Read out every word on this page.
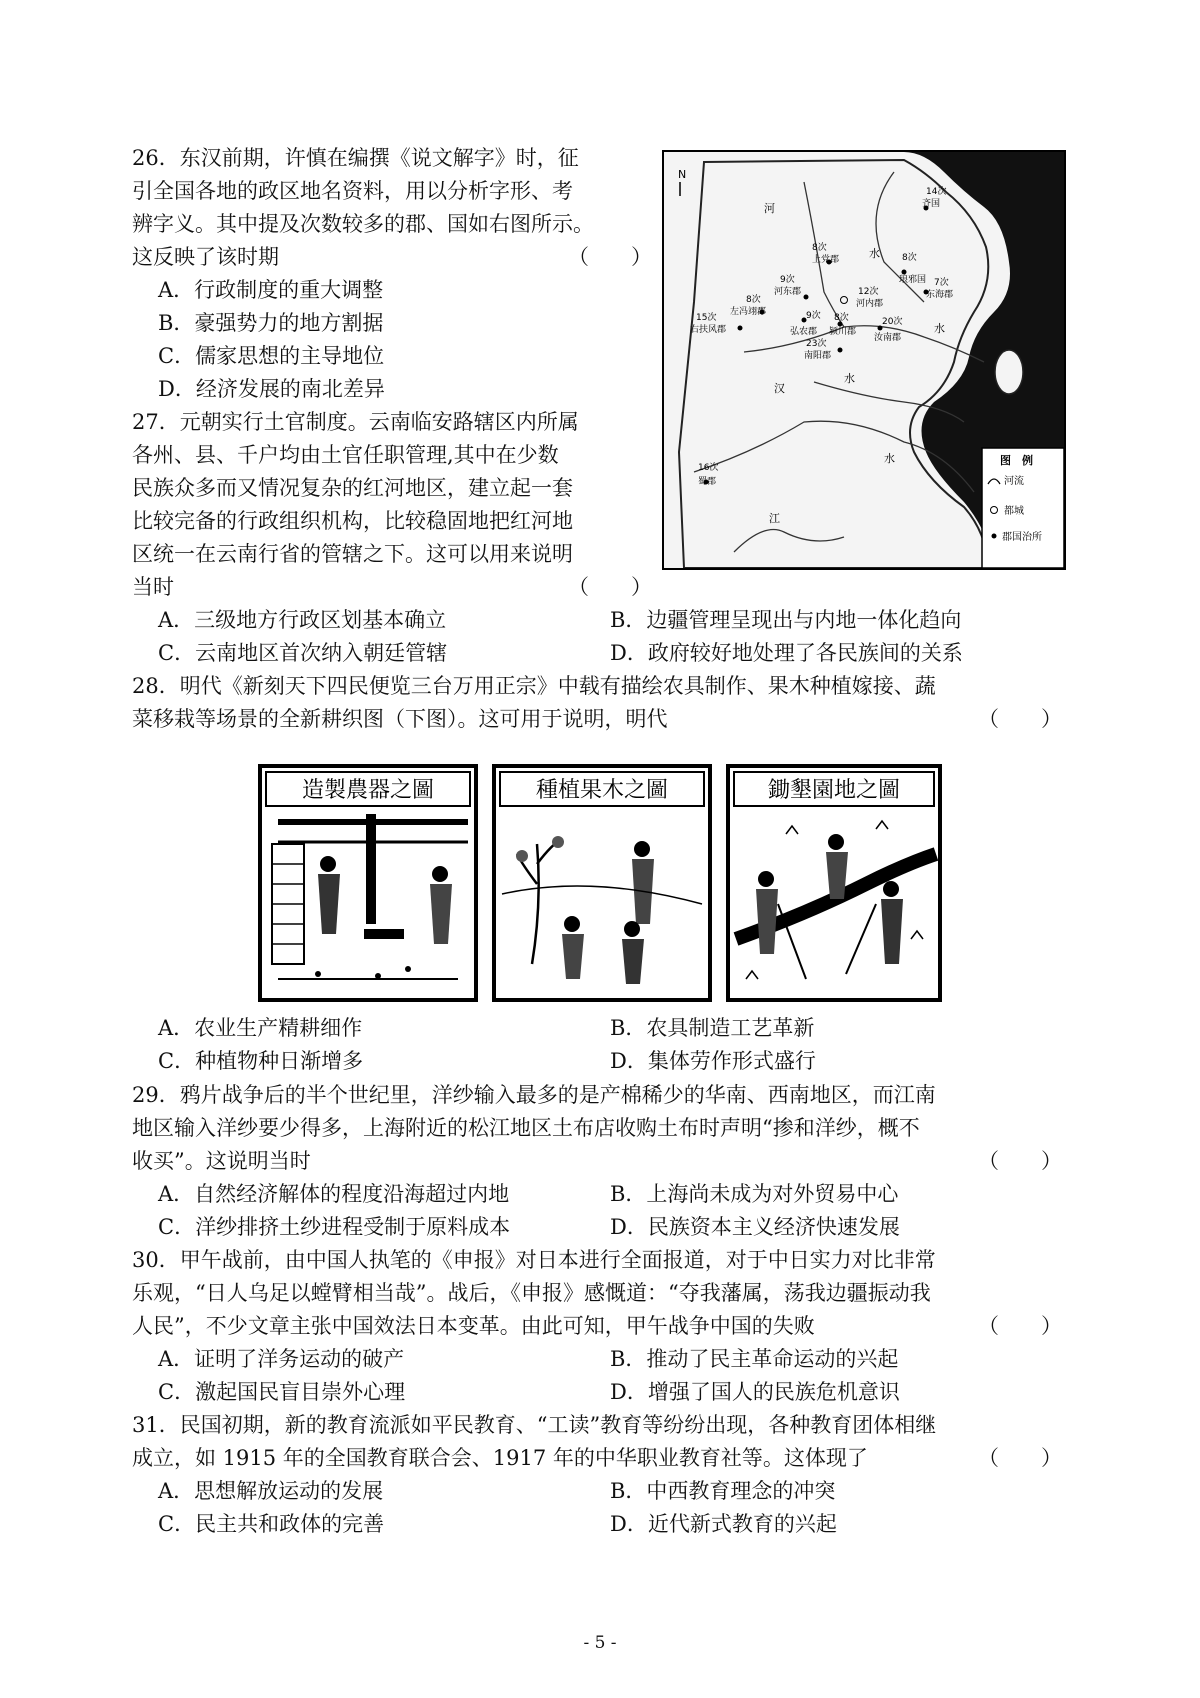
26．东汉前期，许慎在编撰《说文解字》时，征
引全国各地的政区地名资料，用以分析字形、考
辨字义。其中提及次数较多的郡、国如右图所示。
这反映了该时期	（　　）
A．行政制度的重大调整
B．豪强势力的地方割据
C．儒家思想的主导地位
D．经济发展的南北差异
N
河
水
水
汉
水
江
水
14次
齐国
8次
琅邪国 7次
东海郡
8次
上党郡
9次
河东郡	12次
河内郡
8次
左冯翊郡
15次
右扶风郡
9次
弘农郡
8次
颍川郡
20次
汝南郡
23次
南阳郡
16次
蜀郡
图　例
河流
都城
郡国治所
27．元朝实行土官制度。云南临安路辖区内所属
各州、县、千户均由土官任职管理,其中在少数
民族众多而又情况复杂的红河地区，建立起一套
比较完备的行政组织机构，比较稳固地把红河地
区统一在云南行省的管辖之下。这可以用来说明
当时	（　　）
A．三级地方行政区划基本确立	B．边疆管理呈现出与内地一体化趋向
C．云南地区首次纳入朝廷管辖	D．政府较好地处理了各民族间的关系
28．明代《新刻天下四民便览三台万用正宗》中载有描绘农具制作、果木种植嫁接、蔬
菜移栽等场景的全新耕织图（下图）。这可用于说明，明代	（　　）
造製農器之圖	種植果木之圖	鋤墾園地之圖
A．农业生产精耕细作	B．农具制造工艺革新
C．种植物种日渐增多	D．集体劳作形式盛行
29．鸦片战争后的半个世纪里，洋纱输入最多的是产棉稀少的华南、西南地区，而江南
地区输入洋纱要少得多，上海附近的松江地区土布店收购土布时声明“掺和洋纱，概不
收买”。这说明当时	（　　）
A．自然经济解体的程度沿海超过内地	B．上海尚未成为对外贸易中心
C．洋纱排挤土纱进程受制于原料成本	D．民族资本主义经济快速发展
30．甲午战前，由中国人执笔的《申报》对日本进行全面报道，对于中日实力对比非常
乐观，“日人乌足以螳臂相当哉”。战后，《申报》感慨道：“夺我藩属，荡我边疆振动我
人民”，不少文章主张中国效法日本变革。由此可知，甲午战争中国的失败	（　　）
A．证明了洋务运动的破产	B．推动了民主革命运动的兴起
C．激起国民盲目崇外心理	D．增强了国人的民族危机意识
31．民国初期，新的教育流派如平民教育、“工读”教育等纷纷出现，各种教育团体相继
成立，如 1915 年的全国教育联合会、1917 年的中华职业教育社等。这体现了	（　　）
A．思想解放运动的发展	B．中西教育理念的冲突
C．民主共和政体的完善	D．近代新式教育的兴起
- 5 -
